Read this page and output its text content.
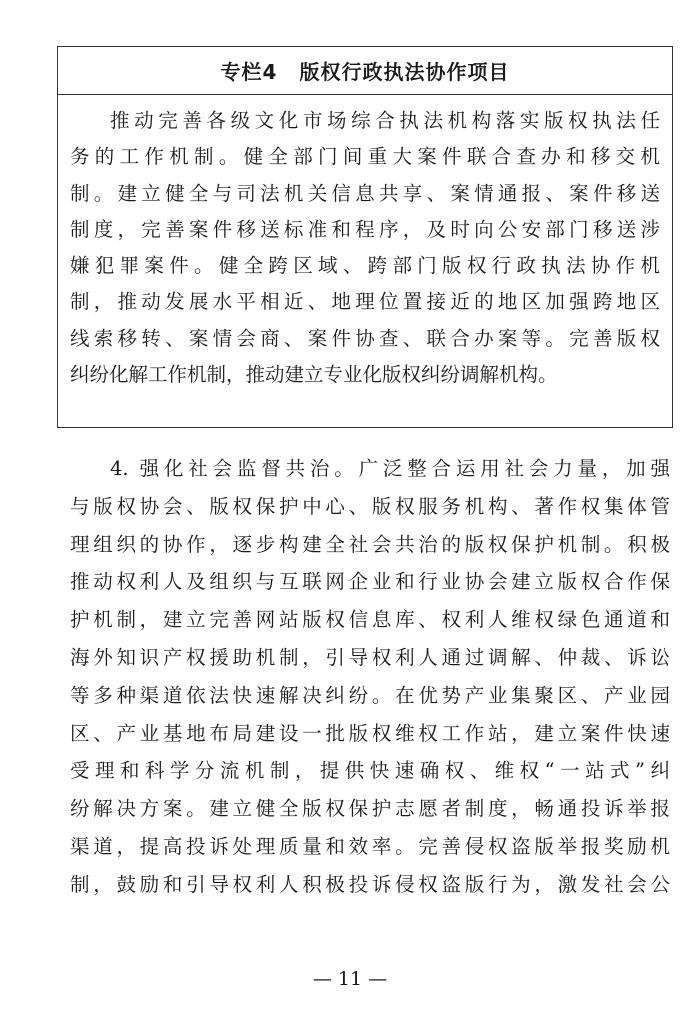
专栏4 版权行政执法协作项目
推动完善各级文化市场综合执法机构落实版权执法任
务的工作机制。健全部门间重大案件联合查办和移交机
制。建立健全与司法机关信息共享、案情通报、案件移送
制度，完善案件移送标准和程序，及时向公安部门移送涉
嫌犯罪案件。健全跨区域、跨部门版权行政执法协作机
制，推动发展水平相近、地理位置接近的地区加强跨地区
线索移转、案情会商、案件协查、联合办案等。完善版权
纠纷化解工作机制，推动建立专业化版权纠纷调解机构。
4. 强化社会监督共治。广泛整合运用社会力量，加强
与版权协会、版权保护中心、版权服务机构、著作权集体管
理组织的协作，逐步构建全社会共治的版权保护机制。积极
推动权利人及组织与互联网企业和行业协会建立版权合作保
护机制，建立完善网站版权信息库、权利人维权绿色通道和
海外知识产权援助机制，引导权利人通过调解、仲裁、诉讼
等多种渠道依法快速解决纠纷。在优势产业集聚区、产业园
区、产业基地布局建设一批版权维权工作站，建立案件快速
受理和科学分流机制，提供快速确权、维权“一站式”纠
纷解决方案。建立健全版权保护志愿者制度，畅通投诉举报
渠道，提高投诉处理质量和效率。完善侵权盗版举报奖励机
制，鼓励和引导权利人积极投诉侵权盗版行为，激发社会公
— 11 —
